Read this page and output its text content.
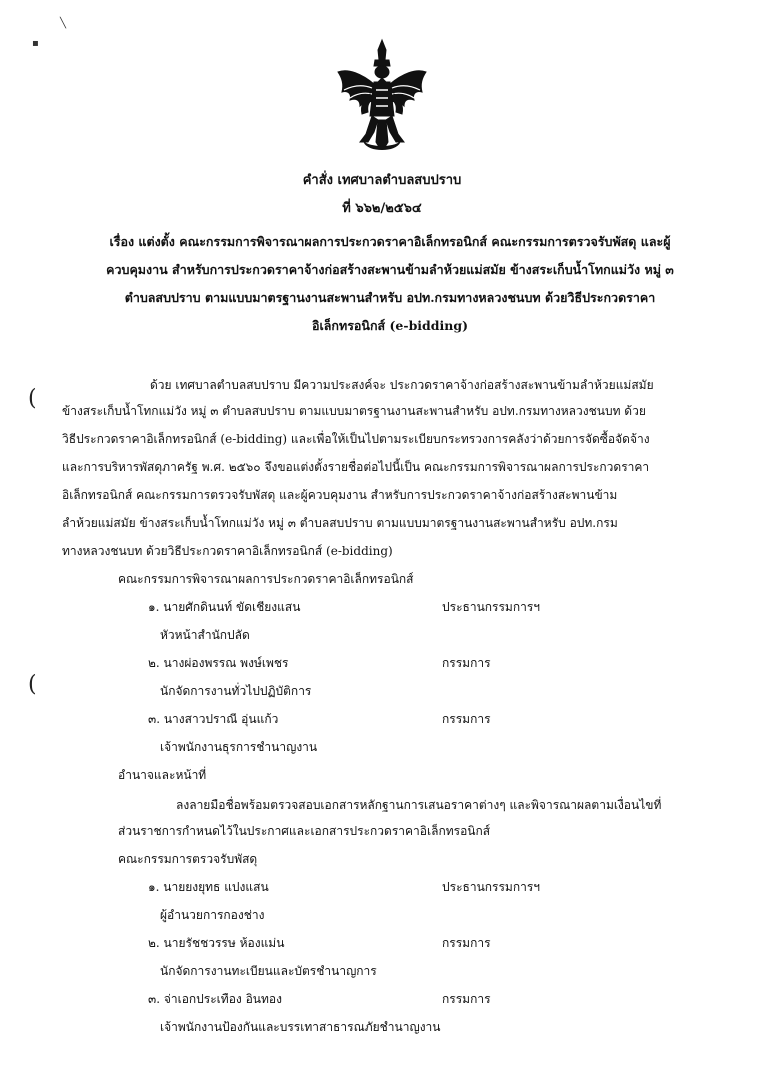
╲
▪
คำสั่ง เทศบาลตำบลสบปราบ
ที่ ๖๖๒/๒๕๖๔
เรื่อง แต่งตั้ง คณะกรรมการพิจารณาผลการประกวดราคาอิเล็กทรอนิกส์ คณะกรรมการตรวจรับพัสดุ และผู้
ควบคุมงาน สำหรับการประกวดราคาจ้างก่อสร้างสะพานข้ามลำห้วยแม่สมัย ข้างสระเก็บน้ำโทกแม่วัง หมู่ ๓
ตำบลสบปราบ ตามแบบมาตรฐานงานสะพานสำหรับ อปท.กรมทางหลวงชนบท ด้วยวิธีประกวดราคา
อิเล็กทรอนิกส์ (e-bidding)
(
(
ด้วย เทศบาลตำบลสบปราบ มีความประสงค์จะ ประกวดราคาจ้างก่อสร้างสะพานข้ามลำห้วยแม่สมัย
ข้างสระเก็บน้ำโทกแม่วัง หมู่ ๓ ตำบลสบปราบ ตามแบบมาตรฐานงานสะพานสำหรับ อปท.กรมทางหลวงชนบท ด้วย
วิธีประกวดราคาอิเล็กทรอนิกส์ (e-bidding) และเพื่อให้เป็นไปตามระเบียบกระทรวงการคลังว่าด้วยการจัดซื้อจัดจ้าง
และการบริหารพัสดุภาครัฐ พ.ศ. ๒๕๖๐ จึงขอแต่งตั้งรายชื่อต่อไปนี้เป็น คณะกรรมการพิจารณาผลการประกวดราคา
อิเล็กทรอนิกส์ คณะกรรมการตรวจรับพัสดุ และผู้ควบคุมงาน สำหรับการประกวดราคาจ้างก่อสร้างสะพานข้าม
ลำห้วยแม่สมัย ข้างสระเก็บน้ำโทกแม่วัง หมู่ ๓ ตำบลสบปราบ ตามแบบมาตรฐานงานสะพานสำหรับ อปท.กรม
ทางหลวงชนบท ด้วยวิธีประกวดราคาอิเล็กทรอนิกส์ (e-bidding)
คณะกรรมการพิจารณาผลการประกวดราคาอิเล็กทรอนิกส์
๑. นายศักดินนท์ ขัดเชียงแสน	ประธานกรรมการฯ
หัวหน้าสำนักปลัด
๒. นางผ่องพรรณ พงษ์เพชร	กรรมการ
นักจัดการงานทั่วไปปฏิบัติการ
๓. นางสาวปราณี อุ่นแก้ว	กรรมการ
เจ้าพนักงานธุรการชำนาญงาน
อำนาจและหน้าที่
ลงลายมือชื่อพร้อมตรวจสอบเอกสารหลักฐานการเสนอราคาต่างๆ และพิจารณาผลตามเงื่อนไขที่
ส่วนราชการกำหนดไว้ในประกาศและเอกสารประกวดราคาอิเล็กทรอนิกส์
คณะกรรมการตรวจรับพัสดุ
๑. นายยงยุทธ แปงแสน	ประธานกรรมการฯ
ผู้อำนวยการกองช่าง
๒. นายรัชชวรรษ ห้องแม่น	กรรมการ
นักจัดการงานทะเบียนและบัตรชำนาญการ
๓. จ่าเอกประเทือง อินทอง	กรรมการ
เจ้าพนักงานป้องกันและบรรเทาสาธารณภัยชำนาญงาน
